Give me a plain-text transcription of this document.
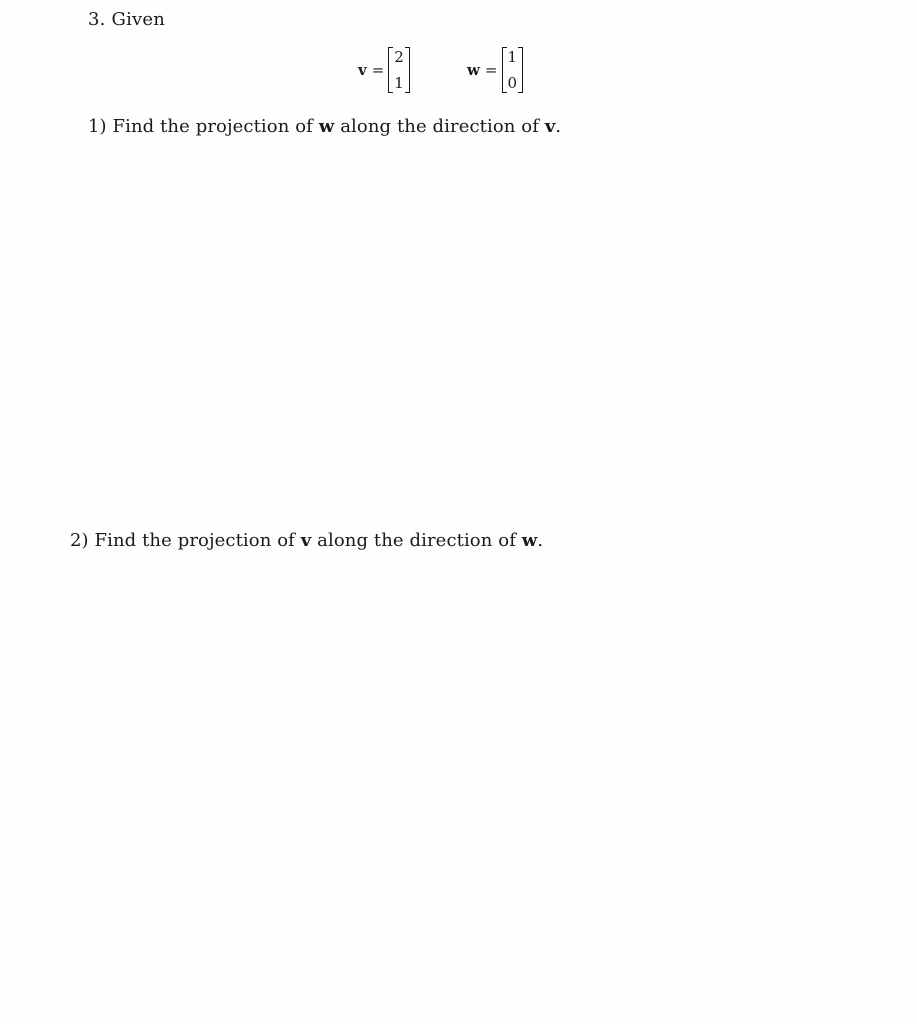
3. Given
v =
2
1
w =
1
0
1) Find the projection of w along the direction of v.
2) Find the projection of v along the direction of w.
